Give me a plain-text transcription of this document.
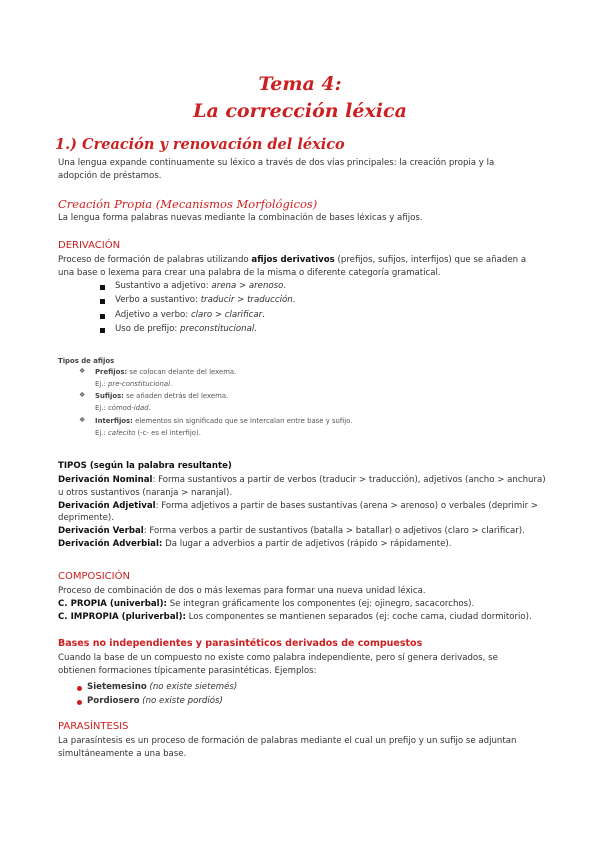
Tema 4:
La corrección léxica
1.) Creación y renovación del léxico
Una lengua expande continuamente su léxico a través de dos vías principales: la creación propia y la
adopción de préstamos.
Creación Propia (Mecanismos Morfológicos)
La lengua forma palabras nuevas mediante la combinación de bases léxicas y afijos.
DERIVACIÓN
Proceso de formación de palabras utilizando afijos derivativos (prefijos, sufijos, interfijos) que se añaden a
una base o lexema para crear una palabra de la misma o diferente categoría gramatical.
Sustantivo a adjetivo: arena > arenoso.
Verbo a sustantivo: traducir > traducción.
Adjetivo a verbo: claro > clarificar.
Uso de prefijo: preconstitucional.
Tipos de afijos
❖ Prefijos: se colocan delante del lexema.
Ej.: pre-constitucional.
❖ Sufijos: se añaden detrás del lexema.
Ej.: cómod-idad.
❖ Interfijos: elementos sin significado que se intercalan entre base y sufijo.
Ej.: cafecito (-c- es el interfijo).
TIPOS (según la palabra resultante)
Derivación Nominal: Forma sustantivos a partir de verbos (traducir > traducción), adjetivos (ancho > anchura)
u otros sustantivos (naranja > naranjal).
Derivación Adjetival: Forma adjetivos a partir de bases sustantivas (arena > arenoso) o verbales (deprimir >
deprimente).
Derivación Verbal: Forma verbos a partir de sustantivos (batalla > batallar) o adjetivos (claro > clarificar).
Derivación Adverbial: Da lugar a adverbios a partir de adjetivos (rápido > rápidamente).
COMPOSICIÓN
Proceso de combinación de dos o más lexemas para formar una nueva unidad léxica.
C. PROPIA (univerbal): Se integran gráficamente los componentes (ej: ojinegro, sacacorchos).
C. IMPROPIA (pluriverbal): Los componentes se mantienen separados (ej: coche cama, ciudad dormitorio).
Bases no independientes y parasintéticos derivados de compuestos
Cuando la base de un compuesto no existe como palabra independiente, pero sí genera derivados, se
obtienen formaciones típicamente parasintéticas. Ejemplos:
Sietemesino (no existe sietemés)
Pordiosero (no existe pordiós)
PARASÍNTESIS
La parasíntesis es un proceso de formación de palabras mediante el cual un prefijo y un sufijo se adjuntan
simultáneamente a una base.
